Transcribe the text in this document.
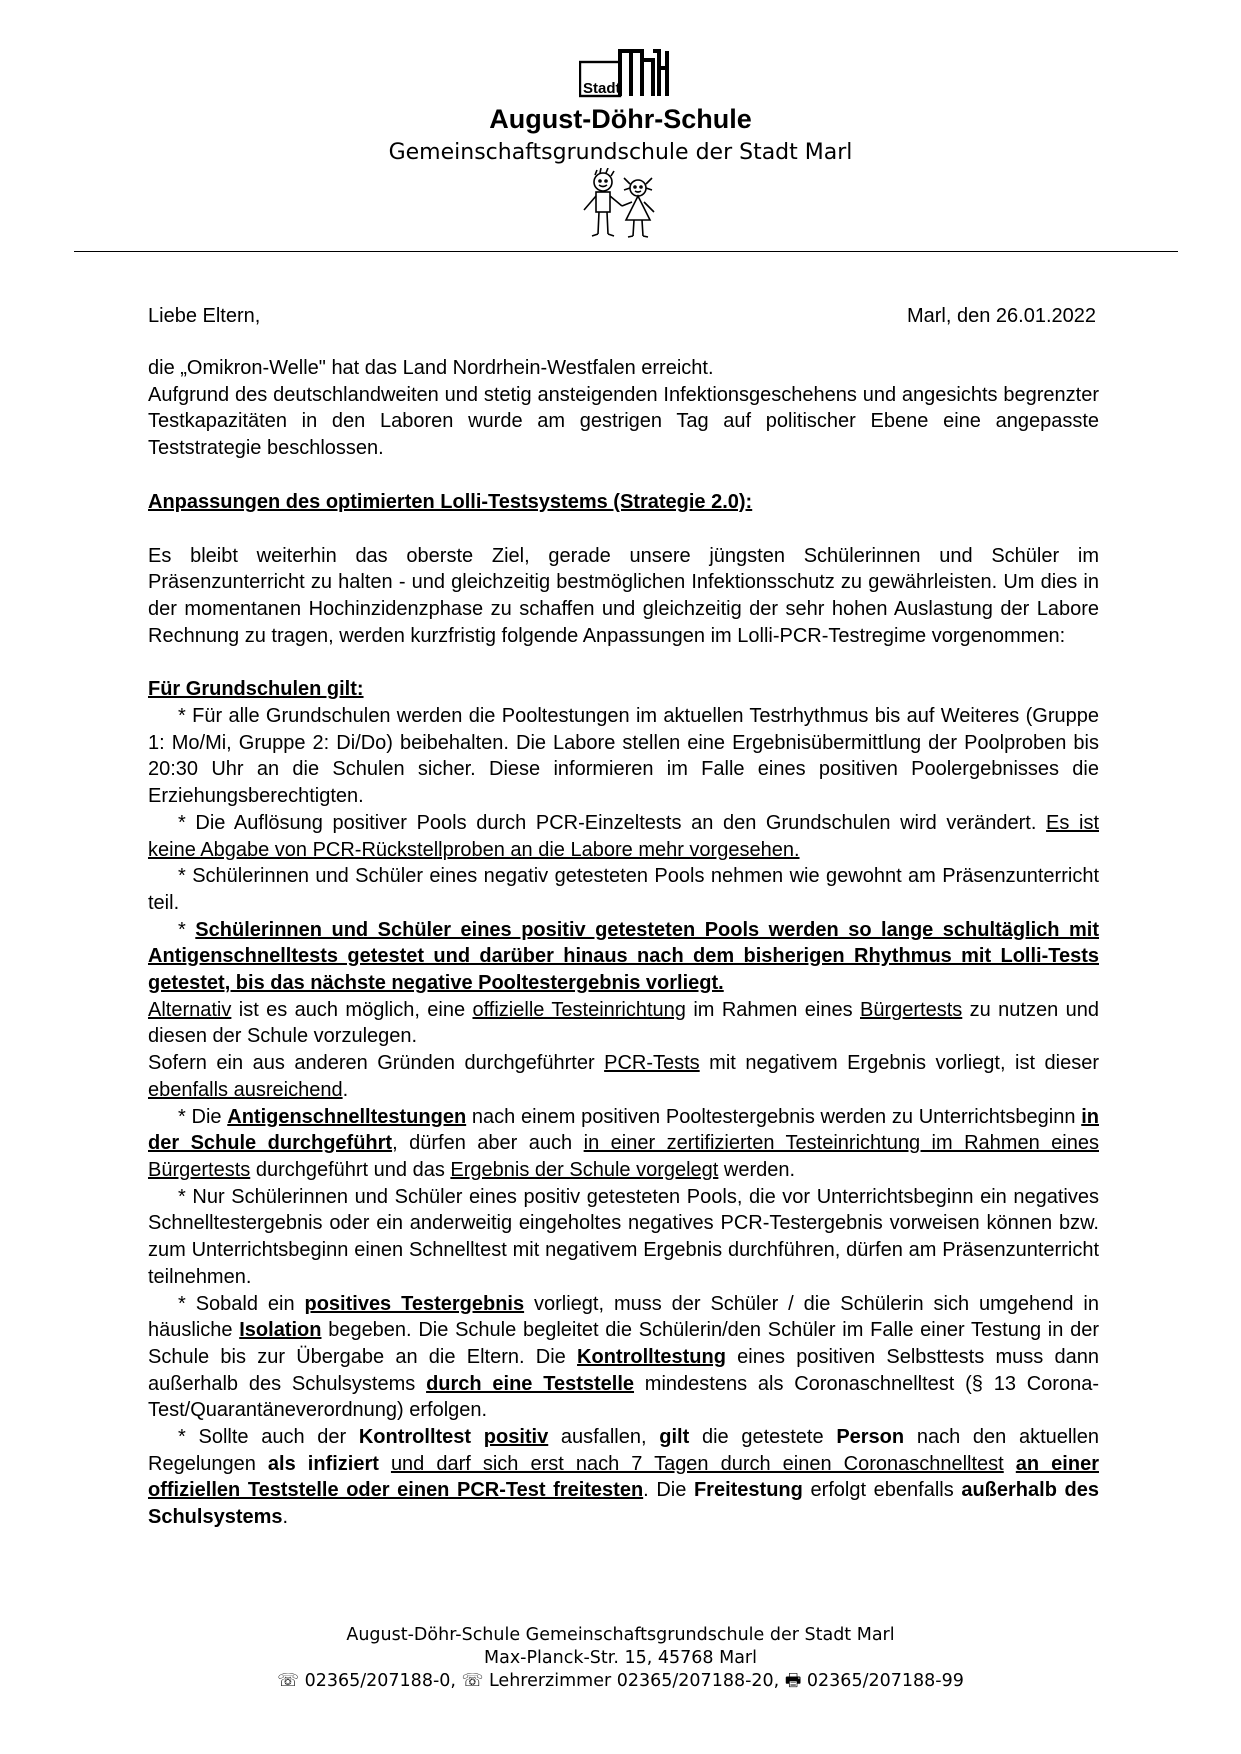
Stadt
August-Döhr-Schule
Gemeinschaftsgrundschule der Stadt Marl
Liebe Eltern,	Marl, den 26.01.2022

die „Omikron-Welle" hat das Land Nordrhein-Westfalen erreicht.

Aufgrund des deutschlandweiten und stetig ansteigenden Infektionsgeschehens und angesichts begrenzter Testkapazitäten in den Laboren wurde am gestrigen Tag auf politischer Ebene eine angepasste Teststrategie beschlossen.

Anpassungen des optimierten Lolli-Testsystems (Strategie 2.0):

Es bleibt weiterhin das oberste Ziel, gerade unsere jüngsten Schülerinnen und Schüler im Präsenzunterricht zu halten - und gleichzeitig bestmöglichen Infektionsschutz zu gewährleisten. Um dies in der momentanen Hochinzidenzphase zu schaffen und gleichzeitig der sehr hohen Auslastung der Labore Rechnung zu tragen, werden kurzfristig folgende Anpassungen im Lolli-PCR-Testregime vorgenommen:

Für Grundschulen gilt:

* Für alle Grundschulen werden die Pooltestungen im aktuellen Testrhythmus bis auf Weiteres (Gruppe 1: Mo/Mi, Gruppe 2: Di/Do) beibehalten. Die Labore stellen eine Ergebnisübermittlung der Poolproben bis 20:30 Uhr an die Schulen sicher. Diese informieren im Falle eines positiven Poolergebnisses die Erziehungsberechtigten.

* Die Auflösung positiver Pools durch PCR-Einzeltests an den Grundschulen wird verändert. Es ist keine Abgabe von PCR-Rückstellproben an die Labore mehr vorgesehen.

* Schülerinnen und Schüler eines negativ getesteten Pools nehmen wie gewohnt am Präsenzunterricht teil.

* Schülerinnen und Schüler eines positiv getesteten Pools werden so lange schultäglich mit Antigenschnelltests getestet und darüber hinaus nach dem bisherigen Rhythmus mit Lolli-Tests getestet, bis das nächste negative Pooltestergebnis vorliegt.

Alternativ ist es auch möglich, eine offizielle Testeinrichtung im Rahmen eines Bürgertests zu nutzen und diesen der Schule vorzulegen.

Sofern ein aus anderen Gründen durchgeführter PCR-Tests mit negativem Ergebnis vorliegt, ist dieser ebenfalls ausreichend.

* Die Antigenschnelltestungen nach einem positiven Pooltestergebnis werden zu Unterrichtsbeginn in der Schule durchgeführt, dürfen aber auch in einer zertifizierten Testeinrichtung im Rahmen eines Bürgertests durchgeführt und das Ergebnis der Schule vorgelegt werden.

* Nur Schülerinnen und Schüler eines positiv getesteten Pools, die vor Unterrichtsbeginn ein negatives Schnelltestergebnis oder ein anderweitig eingeholtes negatives PCR-Testergebnis vorweisen können bzw. zum Unterrichtsbeginn einen Schnelltest mit negativem Ergebnis durchführen, dürfen am Präsenzunterricht teilnehmen.

* Sobald ein positives Testergebnis vorliegt, muss der Schüler / die Schülerin sich umgehend in häusliche Isolation begeben. Die Schule begleitet die Schülerin/den Schüler im Falle einer Testung in der Schule bis zur Übergabe an die Eltern. Die Kontrolltestung eines positiven Selbsttests muss dann außerhalb des Schulsystems durch eine Teststelle mindestens als Coronaschnelltest (§ 13 Corona-Test/Quarantäneverordnung) erfolgen.

* Sollte auch der Kontrolltest positiv ausfallen, gilt die getestete Person nach den aktuellen Regelungen als infiziert und darf sich erst nach 7 Tagen durch einen Coronaschnelltest an einer offiziellen Teststelle oder einen PCR-Test freitesten. Die Freitestung erfolgt ebenfalls außerhalb des Schulsystems.

August-Döhr-Schule Gemeinschaftsgrundschule der Stadt Marl
Max-Planck-Str. 15, 45768 Marl
☏ 02365/207188-0, ☏ Lehrerzimmer 02365/207188-20, 🖶 02365/207188-99
